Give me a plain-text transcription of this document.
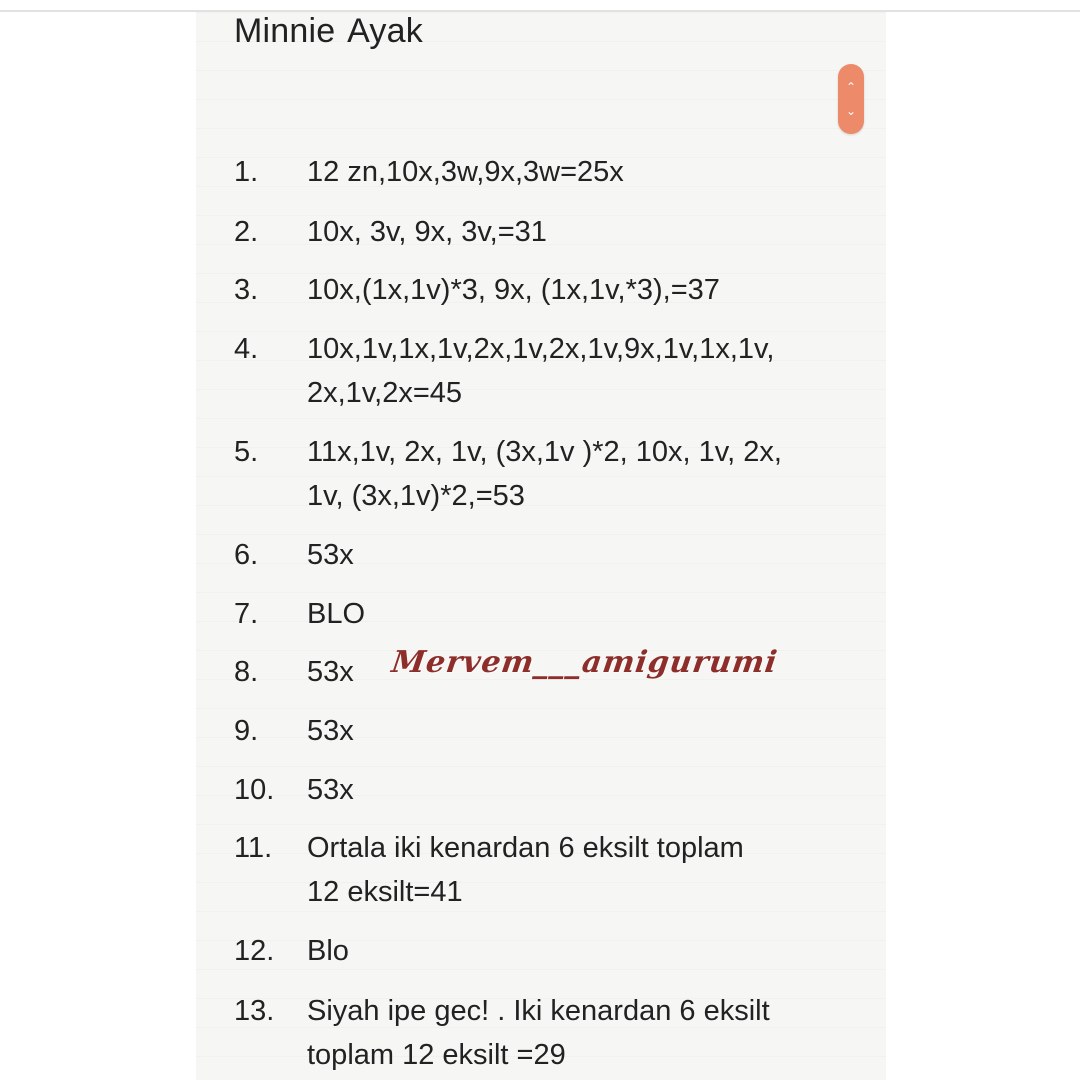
Minnie Ayak
⌃
⌄
1. 12 zn,10x,3w,9x,3w=25x
2. 10x, 3v, 9x, 3v,=31
3. 10x,(1x,1v)*3, 9x, (1x,1v,*3),=37
4. 10x,1v,1x,1v,2x,1v,2x,1v,9x,1v,1x,1v,
2x,1v,2x=45
5. 11x,1v, 2x, 1v, (3x,1v )*2, 10x, 1v, 2x,
1v, (3x,1v)*2,=53
6. 53x
7. BLO
8. 53x
9. 53x
10. 53x
11. Ortala iki kenardan 6 eksilt toplam
12 eksilt=41
12. Blo
13. Siyah ipe gec! . Iki kenardan 6 eksilt
toplam 12 eksilt =29
Mervem___amigurumi
